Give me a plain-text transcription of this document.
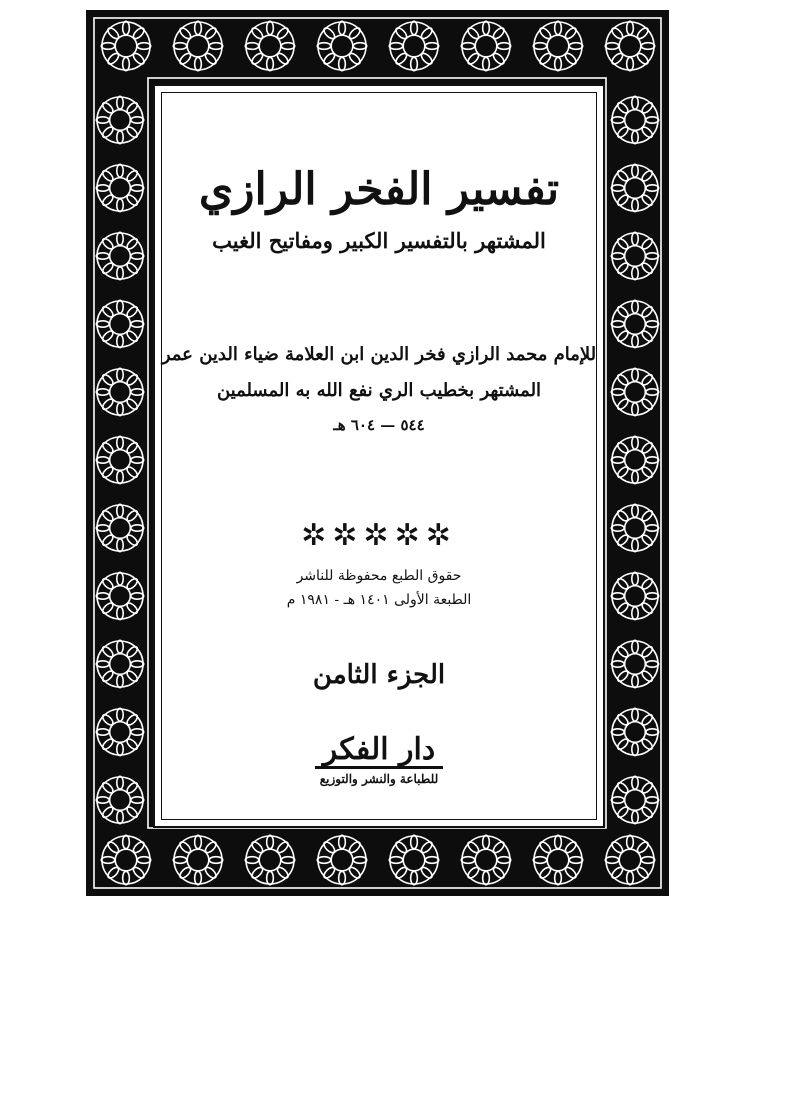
تفسير الفخر الرازي

المشتهر بالتفسير الكبير ومفاتيح الغيب

للإمام محمد الرازي فخر الدين ابن العلامة ضياء الدين عمر

المشتهر بخطيب الري نفع الله به المسلمين

٥٤٤ — ٦٠٤ هـ

✲✲✲✲✲

حقوق الطبع محفوظة للناشر

الطبعة الأولى ١٤٠١ هـ - ١٩٨١ م

الجزء الثامن

دار الفكر

للطباعة والنشر والتوزيع
